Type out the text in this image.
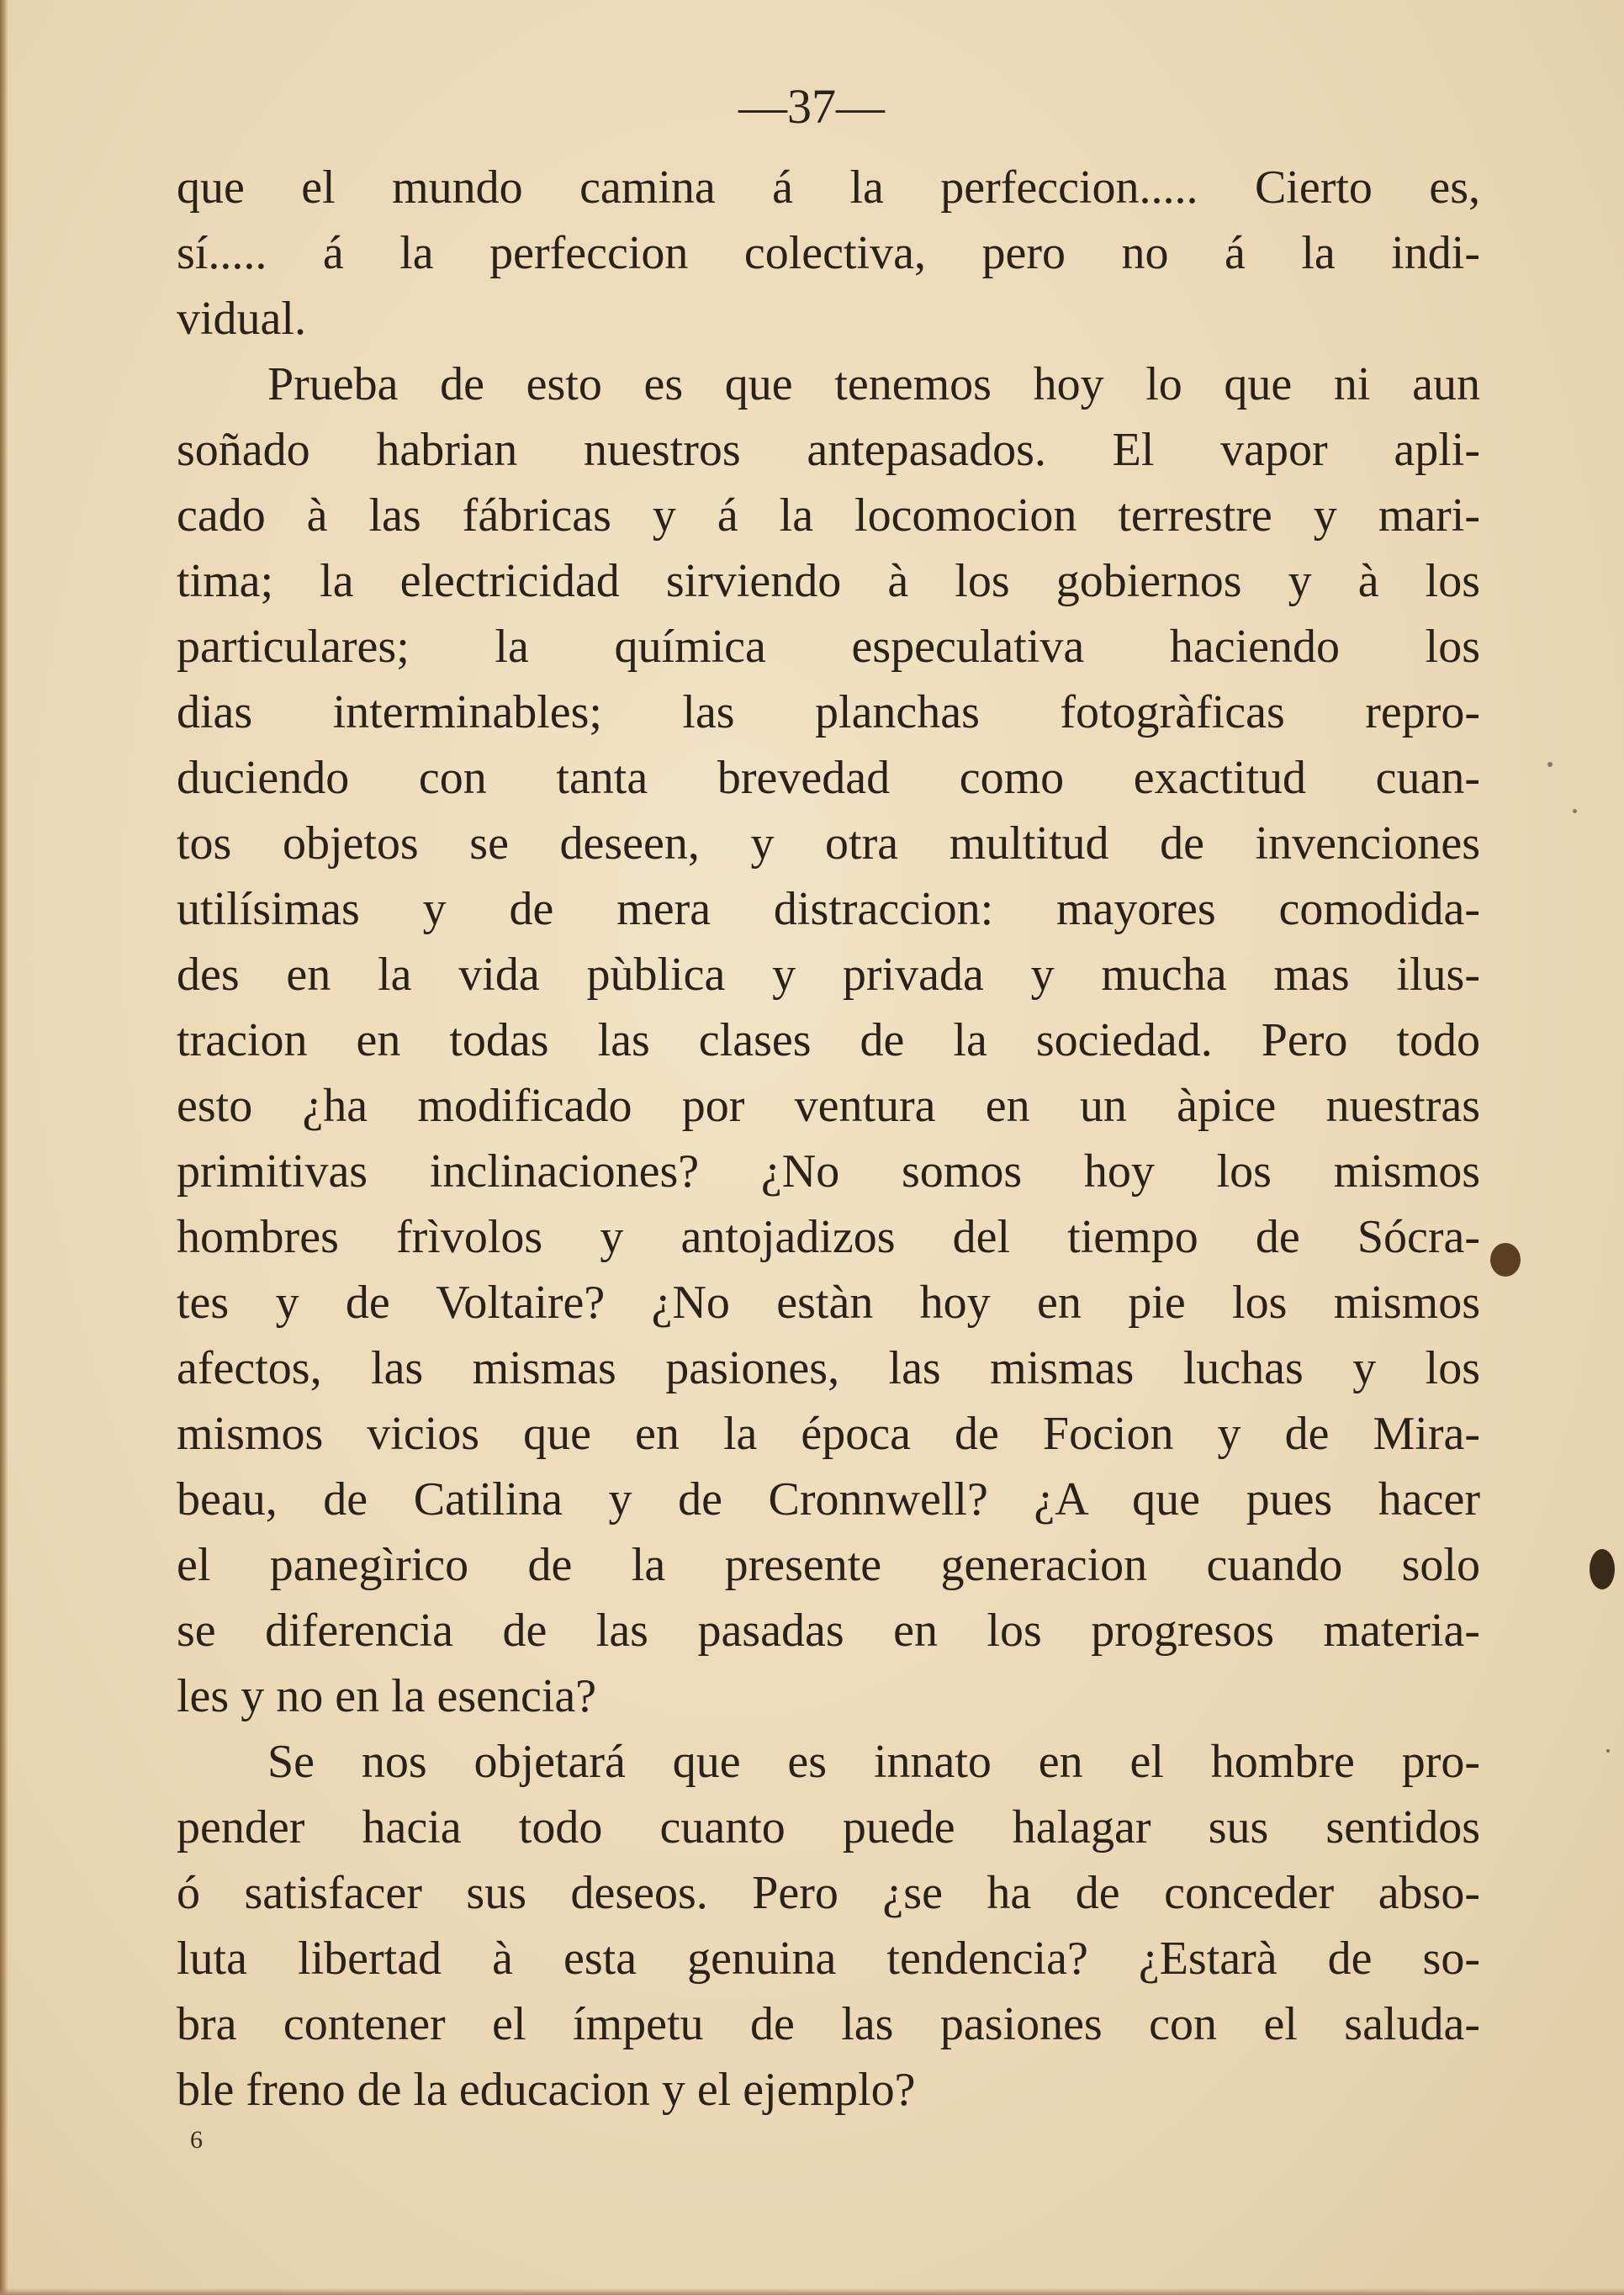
—37—
que el mundo camina á la perfeccion..... Cierto es,
sí..... á la perfeccion colectiva, pero no á la indi-
vidual.
Prueba de esto es que tenemos hoy lo que ni aun
soñado habrian nuestros antepasados. El vapor apli-
cado à las fábricas y á la locomocion terrestre y mari-
tima; la electricidad sirviendo à los gobiernos y à los
particulares; la química especulativa haciendo los
dias interminables; las planchas fotogràficas repro-
duciendo con tanta brevedad como exactitud cuan-
tos objetos se deseen, y otra multitud de invenciones
utilísimas y de mera distraccion: mayores comodida-
des en la vida pùblica y privada y mucha mas ilus-
tracion en todas las clases de la sociedad. Pero todo
esto ¿ha modificado por ventura en un àpice nuestras
primitivas inclinaciones? ¿No somos hoy los mismos
hombres frìvolos y antojadizos del tiempo de Sócra-
tes y de Voltaire? ¿No estàn hoy en pie los mismos
afectos, las mismas pasiones, las mismas luchas y los
mismos vicios que en la época de Focion y de Mira-
beau, de Catilina y de Cronnwell? ¿A que pues hacer
el panegìrico de la presente generacion cuando solo
se diferencia de las pasadas en los progresos materia-
les y no en la esencia?
Se nos objetará que es innato en el hombre pro-
pender hacia todo cuanto puede halagar sus sentidos
ó satisfacer sus deseos. Pero ¿se ha de conceder abso-
luta libertad à esta genuina tendencia? ¿Estarà de so-
bra contener el ímpetu de las pasiones con el saluda-
ble freno de la educacion y el ejemplo?
6
